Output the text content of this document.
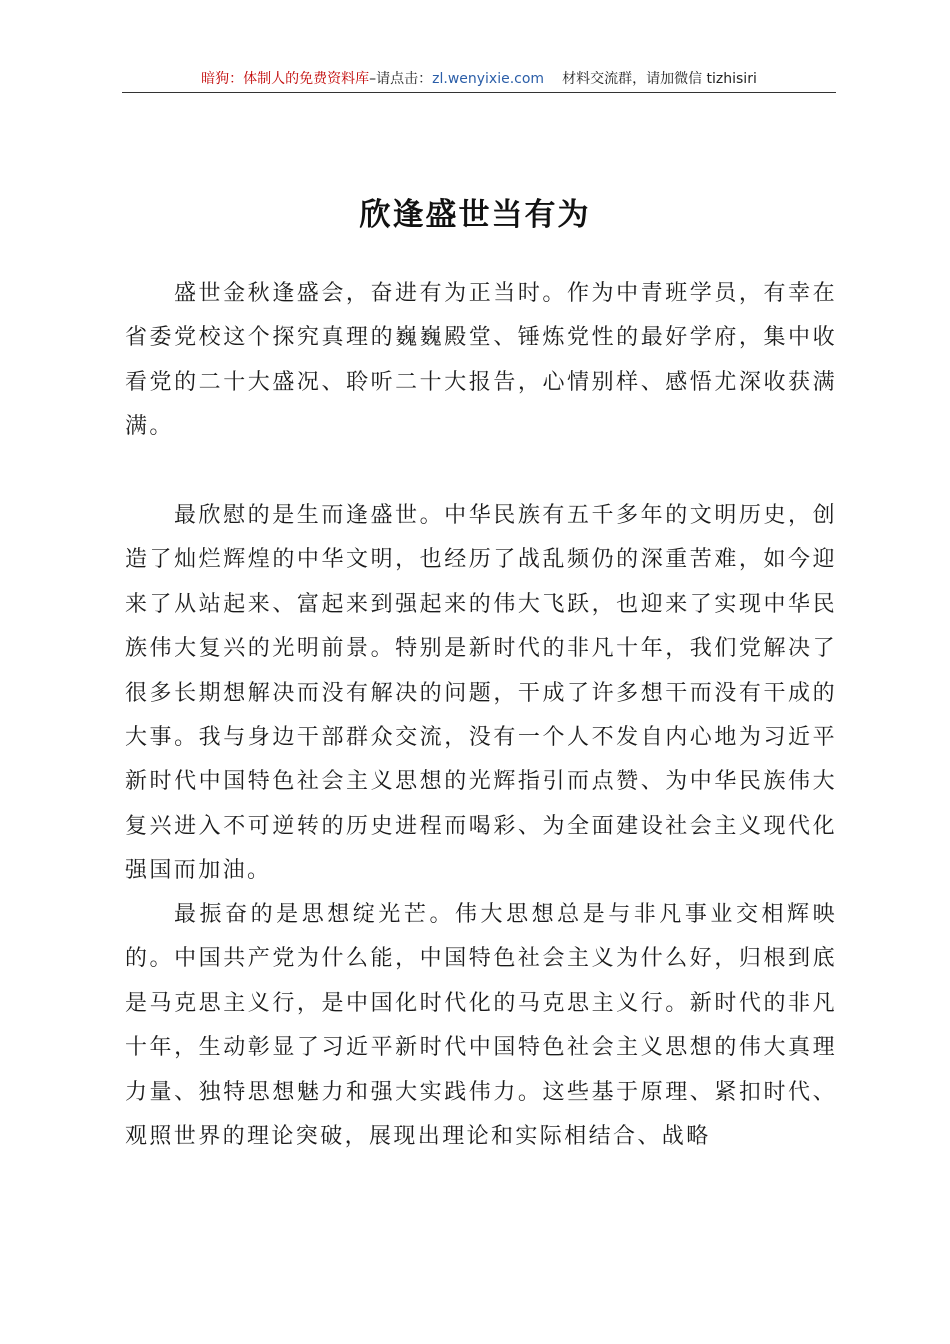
暗狗：体制人的免费资料库–请点击：zl.wenyixie.com 材料交流群，请加微信 tizhisiri
欣逢盛世当有为

盛世金秋逢盛会，奋进有为正当时。作为中青班学员，有幸在省委党校这个探究真理的巍巍殿堂、锤炼党性的最好学府，集中收看党的二十大盛况、聆听二十大报告，心情别样、感悟尤深收获满满。

最欣慰的是生而逢盛世。中华民族有五千多年的文明历史，创造了灿烂辉煌的中华文明，也经历了战乱频仍的深重苦难，如今迎来了从站起来、富起来到强起来的伟大飞跃，也迎来了实现中华民族伟大复兴的光明前景。特别是新时代的非凡十年，我们党解决了很多长期想解决而没有解决的问题，干成了许多想干而没有干成的大事。我与身边干部群众交流，没有一个人不发自内心地为习近平新时代中国特色社会主义思想的光辉指引而点赞、为中华民族伟大复兴进入不可逆转的历史进程而喝彩、为全面建设社会主义现代化强国而加油。

最振奋的是思想绽光芒。伟大思想总是与非凡事业交相辉映的。中国共产党为什么能，中国特色社会主义为什么好，归根到底是马克思主义行，是中国化时代化的马克思主义行。新时代的非凡十年，生动彰显了习近平新时代中国特色社会主义思想的伟大真理力量、独特思想魅力和强大实践伟力。这些基于原理、紧扣时代、观照世界的理论突破，展现出理论和实际相结合、战略
